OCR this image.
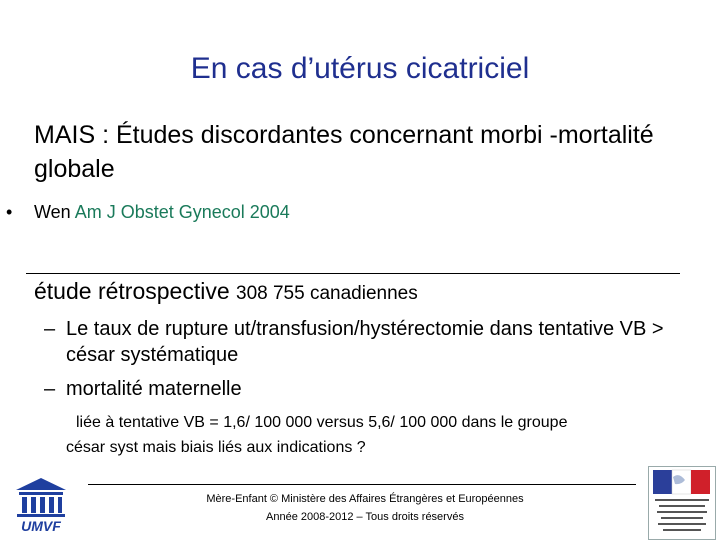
En cas d’utérus cicatriciel
MAIS : Études discordantes concernant morbi -mortalité globale
• Wen Am J Obstet Gynecol 2004
étude rétrospective 308 755 canadiennes
– Le taux de rupture ut/transfusion/hystérectomie dans tentative VB > césar systématique
– mortalité maternelle
liée à tentative VB = 1,6/ 100 000 versus 5,6/ 100 000 dans le groupe
césar syst mais biais liés aux indications ?
Mère-Enfant © Ministère des Affaires Étrangères et Européennes
Année 2008-2012 – Tous droits réservés
UMVF
